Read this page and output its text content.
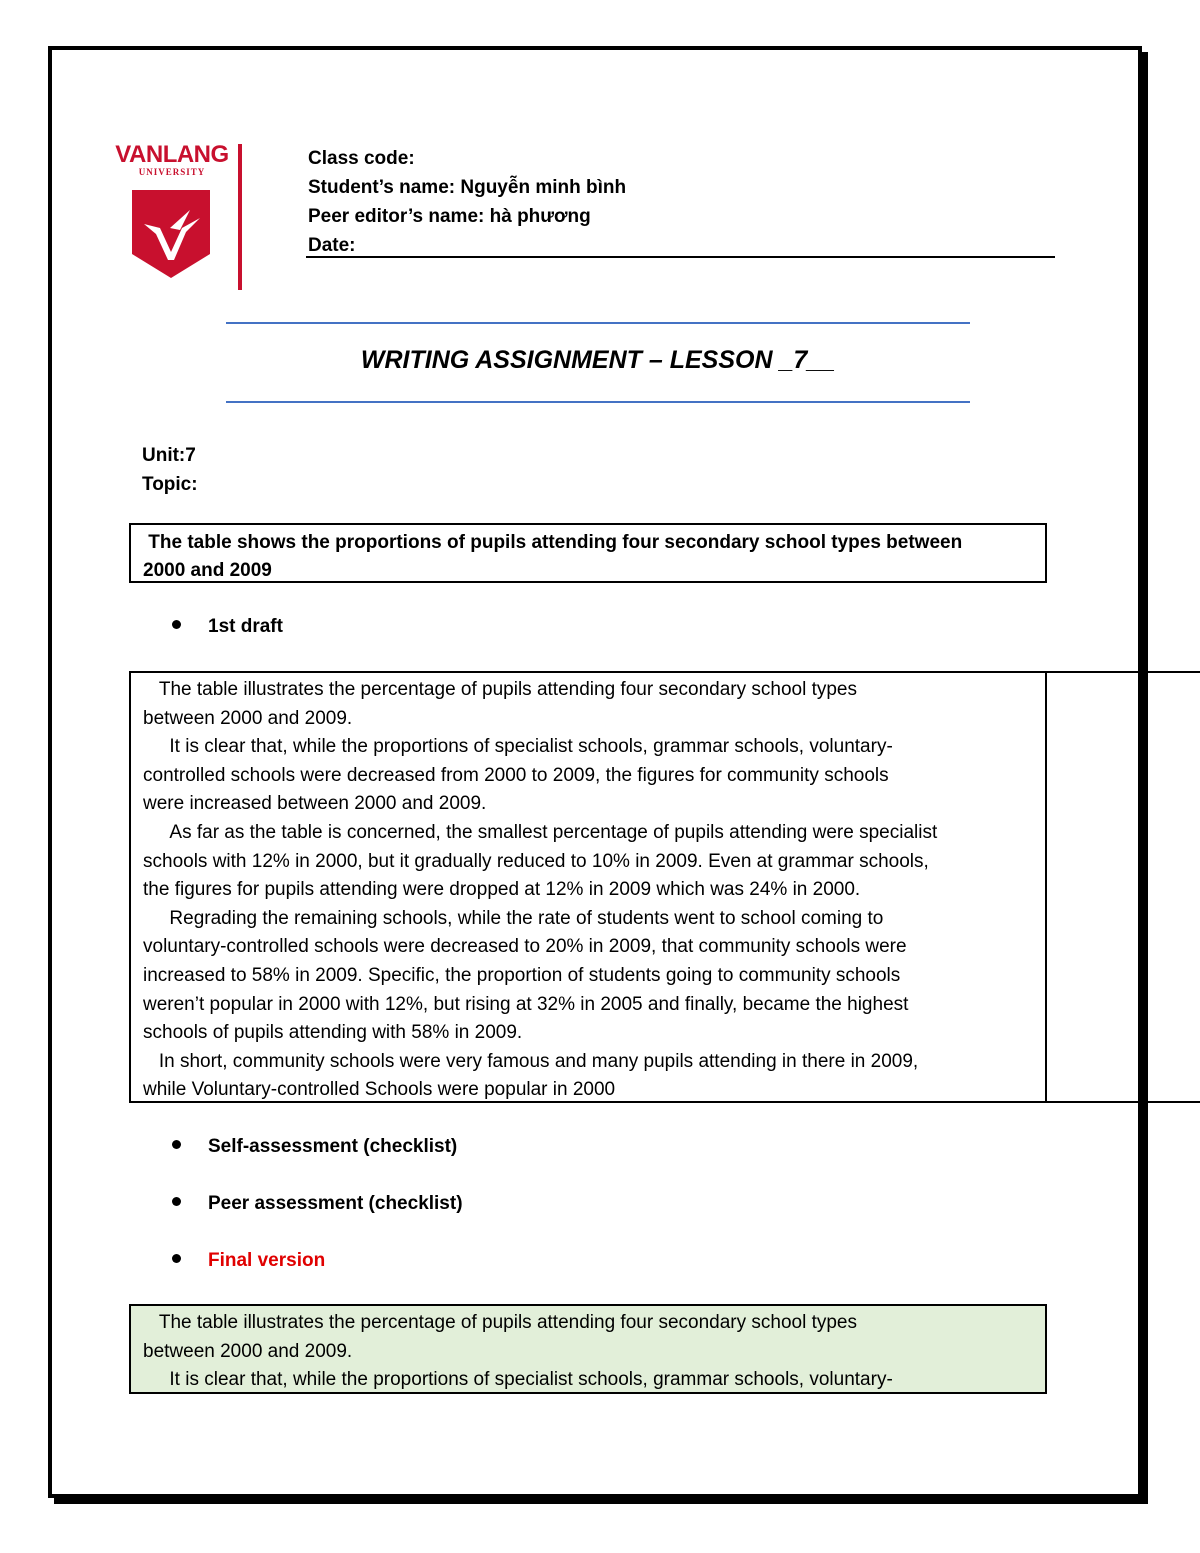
VANLANG
UNIVERSITY
Class code:
Student’s name: Nguyễn minh bình
Peer editor’s name: hà phương
Date:
WRITING ASSIGNMENT – LESSON _7__
Unit:7
Topic:
The table shows the proportions of pupils attending four secondary school types between
2000 and 2009
1st draft
The table illustrates the percentage of pupils attending four secondary school types
between 2000 and 2009.
It is clear that, while the proportions of specialist schools, grammar schools, voluntary-
controlled schools were decreased from 2000 to 2009, the figures for community schools
were increased between 2000 and 2009.
As far as the table is concerned, the smallest percentage of pupils attending were specialist
schools with 12% in 2000, but it gradually reduced to 10% in 2009. Even at grammar schools,
the figures for pupils attending were dropped at 12% in 2009 which was 24% in 2000.
Regrading the remaining schools, while the rate of students went to school coming to
voluntary-controlled schools were decreased to 20% in 2009, that community schools were
increased to 58% in 2009. Specific, the proportion of students going to community schools
weren’t popular in 2000 with 12%, but rising at 32% in 2005 and finally, became the highest
schools of pupils attending with 58% in 2009.
In short, community schools were very famous and many pupils attending in there in 2009,
while Voluntary-controlled Schools were popular in 2000
Self-assessment (checklist)
Peer assessment (checklist)
Final version
The table illustrates the percentage of pupils attending four secondary school types
between 2000 and 2009.
It is clear that, while the proportions of specialist schools, grammar schools, voluntary-
